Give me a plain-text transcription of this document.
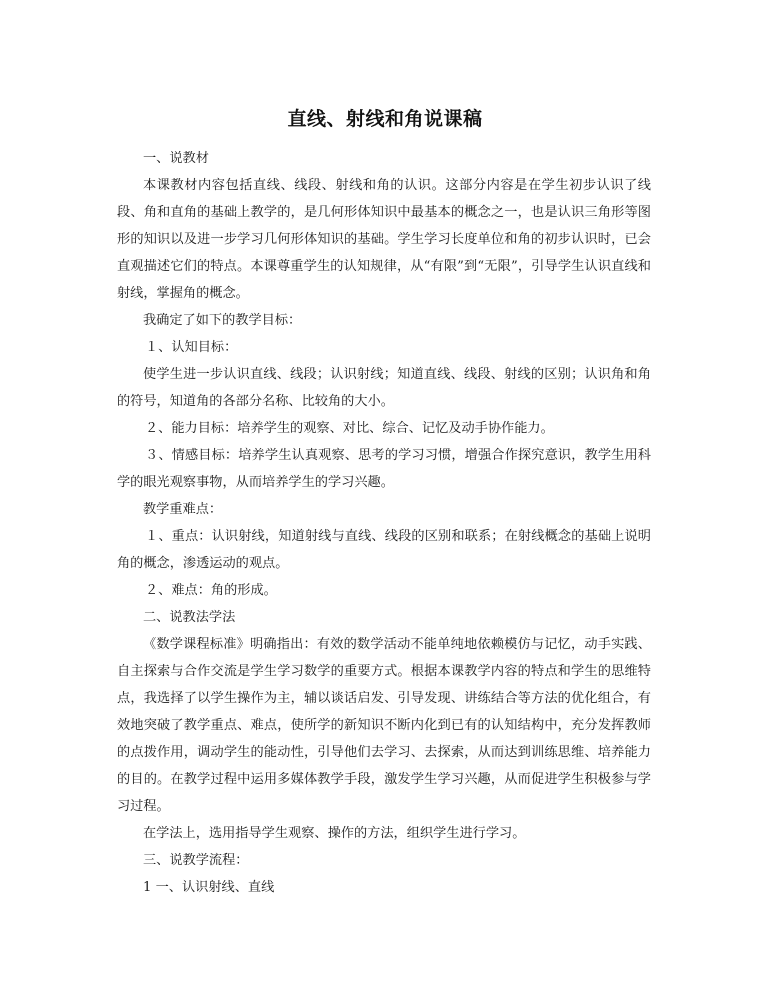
直线、射线和角说课稿

一、说教材

本课教材内容包括直线、线段、射线和角的认识。这部分内容是在学生初步认识了线段、角和直角的基础上教学的，是几何形体知识中最基本的概念之一，也是认识三角形等图形的知识以及进一步学习几何形体知识的基础。学生学习长度单位和角的初步认识时，已会直观描述它们的特点。本课尊重学生的认知规律，从“有限”到“无限”，引导学生认识直线和射线，掌握角的概念。

我确定了如下的教学目标：

１、认知目标：

使学生进一步认识直线、线段；认识射线；知道直线、线段、射线的区别；认识角和角的符号，知道角的各部分名称、比较角的大小。

２、能力目标：培养学生的观察、对比、综合、记忆及动手协作能力。

３、情感目标：培养学生认真观察、思考的学习习惯，增强合作探究意识，教学生用科学的眼光观察事物，从而培养学生的学习兴趣。

教学重难点：

１、重点：认识射线，知道射线与直线、线段的区别和联系；在射线概念的基础上说明角的概念，渗透运动的观点。

２、难点：角的形成。

二、说教法学法

《数学课程标准》明确指出：有效的数学活动不能单纯地依赖模仿与记忆，动手实践、自主探索与合作交流是学生学习数学的重要方式。根据本课教学内容的特点和学生的思维特点，我选择了以学生操作为主，辅以谈话启发、引导发现、讲练结合等方法的优化组合，有效地突破了教学重点、难点，使所学的新知识不断内化到已有的认知结构中，充分发挥教师的点拨作用，调动学生的能动性，引导他们去学习、去探索，从而达到训练思维、培养能力的目的。在教学过程中运用多媒体教学手段，激发学生学习兴趣，从而促进学生积极参与学习过程。

在学法上，选用指导学生观察、操作的方法，组织学生进行学习。

三、说教学流程：

1 一、认识射线、直线
